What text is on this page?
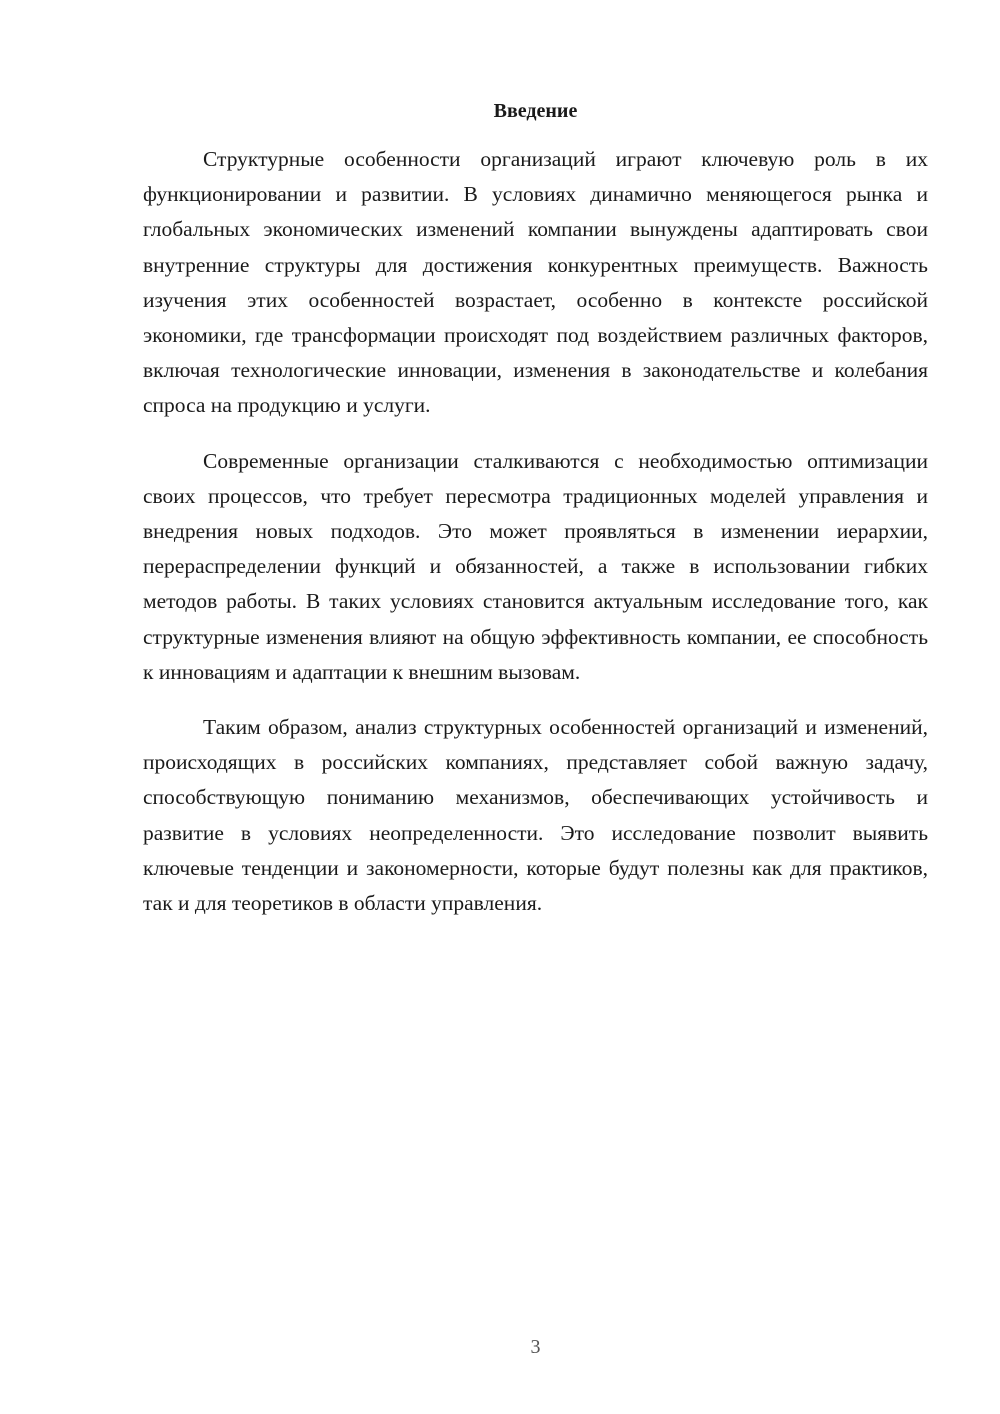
Введение

Структурные особенности организаций играют ключевую роль в их функционировании и развитии. В условиях динамично меняющегося рынка и глобальных экономических изменений компании вынуждены адаптировать свои внутренние структуры для достижения конкурентных преимуществ. Важность изучения этих особенностей возрастает, особенно в контексте российской экономики, где трансформации происходят под воздействием различных факторов, включая технологические инновации, изменения в законодательстве и колебания спроса на продукцию и услуги.

Современные организации сталкиваются с необходимостью оптимизации своих процессов, что требует пересмотра традиционных моделей управления и внедрения новых подходов. Это может проявляться в изменении иерархии, перераспределении функций и обязанностей, а также в использовании гибких методов работы. В таких условиях становится актуальным исследование того, как структурные изменения влияют на общую эффективность компании, ее способность к инновациям и адаптации к внешним вызовам.

Таким образом, анализ структурных особенностей организаций и изменений, происходящих в российских компаниях, представляет собой важную задачу, способствующую пониманию механизмов, обеспечивающих устойчивость и развитие в условиях неопределенности. Это исследование позволит выявить ключевые тенденции и закономерности, которые будут полезны как для практиков, так и для теоретиков в области управления.

3
